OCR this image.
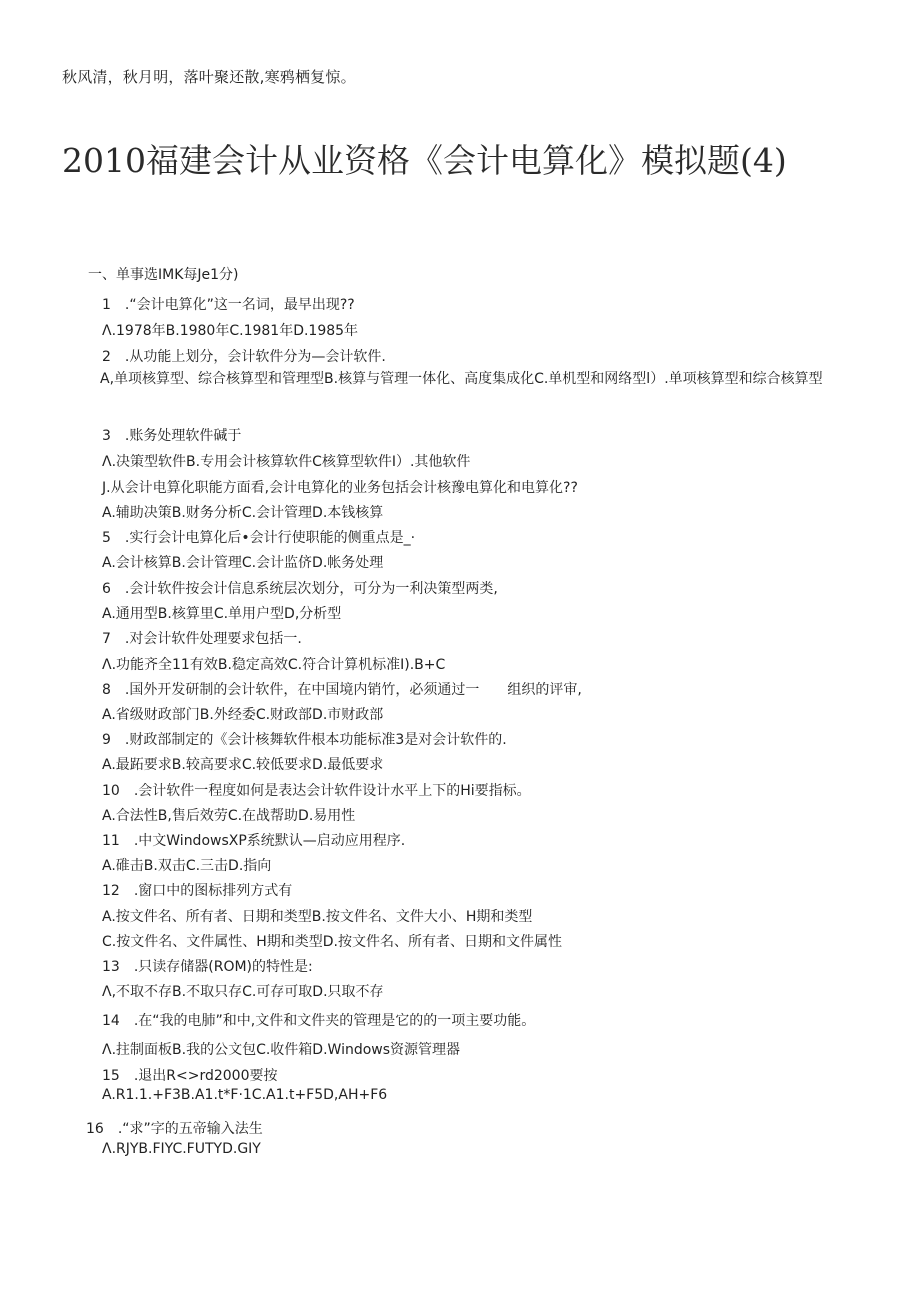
秋风清，秋月明，落叶聚还散,寒鸦栖复惊。
2010福建会计从业资格《会计电算化》模拟题(4)
一、单事选IMK每Je1分)
1　.“会计电算化”这一名词，最早出现??
Λ.1978年B.1980年C.1981年D.1985年
2　.从功能上划分，会计软件分为—会计软件.
A,单项核算型、综合核算型和管理型B.核算与管理一体化、高度集成化C.单机型和网络型l）.单项核算型和综合核算型
3　.账务处理软件碱于
Λ.决策型软件B.专用会计核算软件C核算型软件I）.其他软件
J.从会计电算化职能方面看,会计电算化的业务包括会计核豫电算化和电算化??
A.辅助决策B.财务分析C.会计管理D.本钱核算
5　.实行会计电算化后•会计行使职能的侧重点是_·
A.会计核算B.会计管理C.会计监侪D.帐务处理
6　.会计软件按会计信息系统层次划分，可分为一利决策型两类,
A.通用型B.核算里C.单用户型D,分析型
7　.对会计软件处理要求包括一.
Λ.功能齐全11有效B.稳定高效C.符合计算机标准I).B+C
8　.国外开发研制的会计软件，在中国境内销竹，必须通过一　　组织的评审,
A.省级财政部门B.外经委C.财政部D.市财政部
9　.财政部制定的《会计核舞软件根本功能标准3是对会计软件的.
A.最跖要求B.较高要求C.较低要求D.最低要求
10　.会计软件一程度如何是表达会计软件设计水平上下的Hi要指标。
A.合法性B,售后效劳C.在战帮助D.易用性
11　.中文WindowsXP系统默认—启动应用程序.
A.碓击B.双击C.三击D.指向
12　.窗口中的图标排列方式有
A.按文件名、所有者、日期和类型B.按文件名、文件大小、H期和类型
C.按文件名、文件属性、H期和类型D.按文件名、所有者、日期和文件属性
13　.只读存储器(ROM)的特性是:
Λ,不取不存B.不取只存C.可存可取D.只取不存
14　.在“我的电肺”和中,文件和文件夹的管理是它的的一项主要功能。
Λ.拄制面板B.我的公文包C.收件箱D.Windows资源管理器
15　.退出R<>rd2000要按
A.R1.1.+F3B.A1.t*F·1C.A1.t+F5D,AH+F6
16　.“求”字的五帝输入法生
Λ.RJYB.FIYC.FUTYD.GIY
